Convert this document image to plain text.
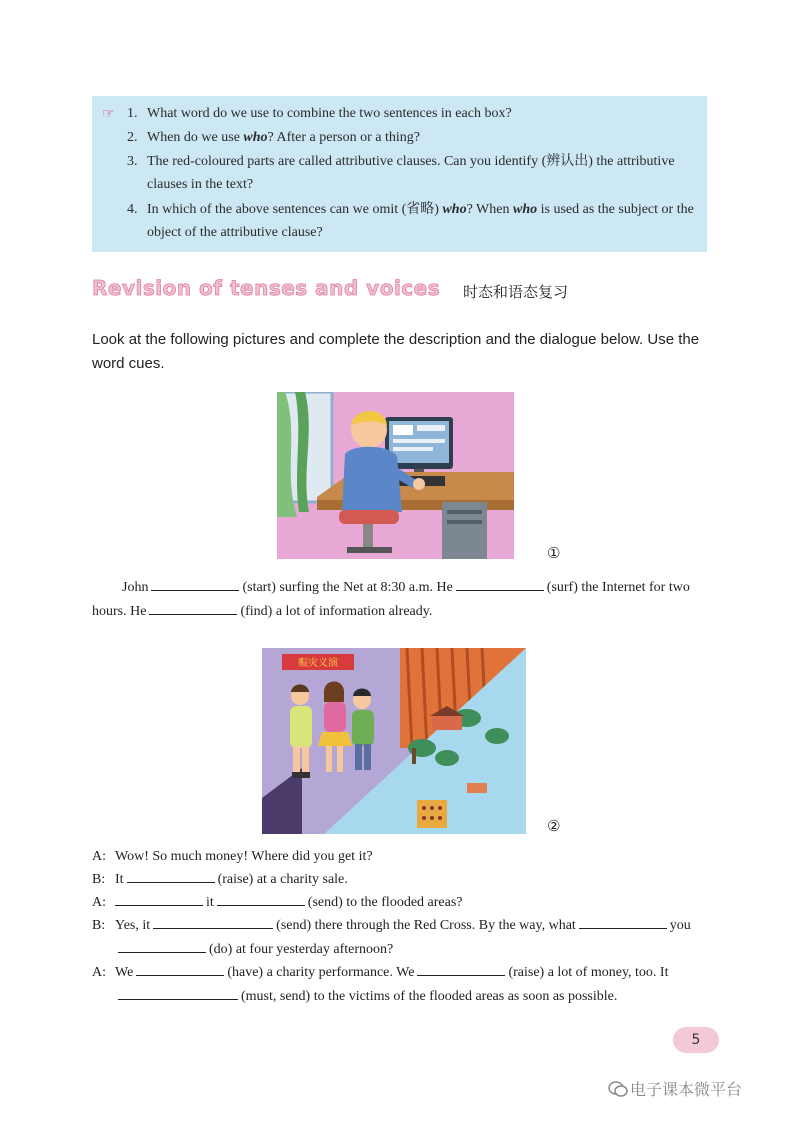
☞ 1. What word do we use to combine the two sentences in each box?
2. When do we use who? After a person or a thing?
3. The red-coloured parts are called attributive clauses. Can you identify (辨认出) the attributive clauses in the text?
4. In which of the above sentences can we omit (省略) who? When who is used as the subject or the object of the attributive clause?
Revision of tenses and voices 时态和语态复习
Look at the following pictures and complete the description and the dialogue below. Use the word cues.
①
John	(start) surfing the Net at 8:30 a.m. He	(surf) the Internet for two hours. He	(find) a lot of information already.
赈灾义演
②
A: Wow! So much money! Where did you get it?
B: It	(raise) at a charity sale.
A:	it	(send) to the flooded areas?
B: Yes, it	(send) there through the Red Cross. By the way, what	you(do) at four yesterday afternoon?
A: We	(have) a charity performance. We	(raise) a lot of money, too. It(must, send) to the victims of the flooded areas as soon as possible.
5
电子课本微平台
